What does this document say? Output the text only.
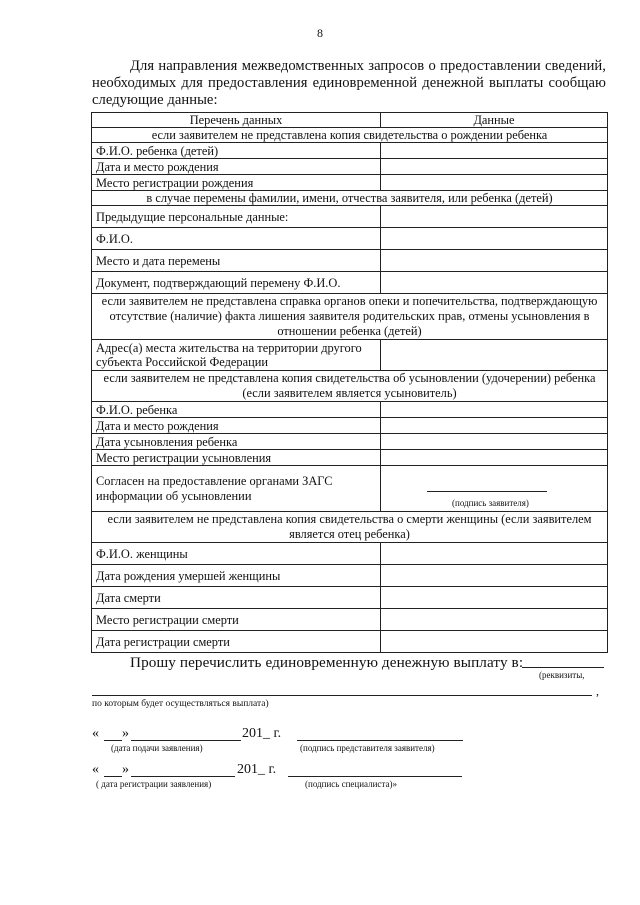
8
Для направления межведомственных запросов о предоставлении сведений, необходимых для предоставления единовременной денежной выплаты сообщаю следующие данные:
Перечень данных	Данные
если заявителем не представлена копия свидетельства о рождении ребенка	
Ф.И.О. ребенка (детей)	
Дата и место рождения	
Место регистрации рождения	
в случае перемены фамилии, имени, отчества заявителя, или ребенка (детей)	
Предыдущие персональные данные:	
Ф.И.О.	
Место и дата перемены	
Документ, подтверждающий перемену Ф.И.О.	
если заявителем не представлена справка органов опеки и попечительства, подтверждающую отсутствие (наличие) факта лишения заявителя родительских прав, отмены усыновления в отношении ребенка (детей)	
Адрес(а) места жительства на территории другого субъекта Российской Федерации	
если заявителем не представлена копия свидетельства об усыновлении (удочерении) ребенка (если заявителем является усыновитель)	
Ф.И.О. ребенка	
Дата и место рождения	
Дата усыновления ребенка	
Место регистрации усыновления	
Согласен на предоставление органами ЗАГС информации об усыновлении	(подпись заявителя)

если заявителем не представлена копия свидетельства о смерти женщины (если заявителем является отец ребенка)	
Ф.И.О. женщины	
Дата рождения умершей женщины	
Дата смерти	
Место регистрации смерти	
Дата регистрации смерти	
Прошу перечислить единовременную денежную выплату в:
(реквизиты,
,
по которым будет осуществляться выплата)
« »	201_ г.
(дата подачи заявления)	(подпись представителя заявителя)
« »	201_ г.
( дата регистрации заявления)	(подпись специалиста)»
